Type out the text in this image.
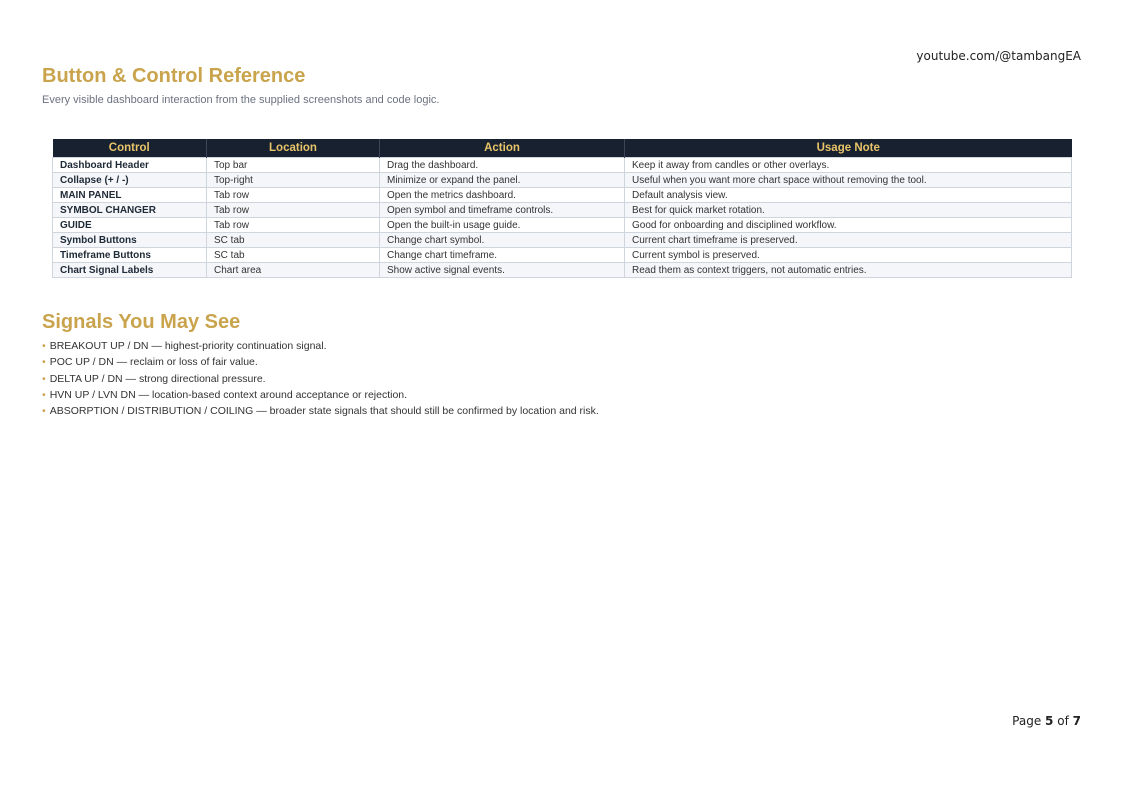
youtube.com/@tambangEA
Button & Control Reference
Every visible dashboard interaction from the supplied screenshots and code logic.
Control	Location	Action	Usage Note
Dashboard Header	Top bar	Drag the dashboard.	Keep it away from candles or other overlays.
Collapse (+ / -)	Top-right	Minimize or expand the panel.	Useful when you want more chart space without removing the tool.
MAIN PANEL	Tab row	Open the metrics dashboard.	Default analysis view.
SYMBOL CHANGER	Tab row	Open symbol and timeframe controls.	Best for quick market rotation.
GUIDE	Tab row	Open the built-in usage guide.	Good for onboarding and disciplined workflow.
Symbol Buttons	SC tab	Change chart symbol.	Current chart timeframe is preserved.
Timeframe Buttons	SC tab	Change chart timeframe.	Current symbol is preserved.
Chart Signal Labels	Chart area	Show active signal events.	Read them as context triggers, not automatic entries.
Signals You May See
• BREAKOUT UP / DN — highest-priority continuation signal.
• POC UP / DN — reclaim or loss of fair value.
• DELTA UP / DN — strong directional pressure.
• HVN UP / LVN DN — location-based context around acceptance or rejection.
• ABSORPTION / DISTRIBUTION / COILING — broader state signals that should still be confirmed by location and risk.
Page 5 of 7
